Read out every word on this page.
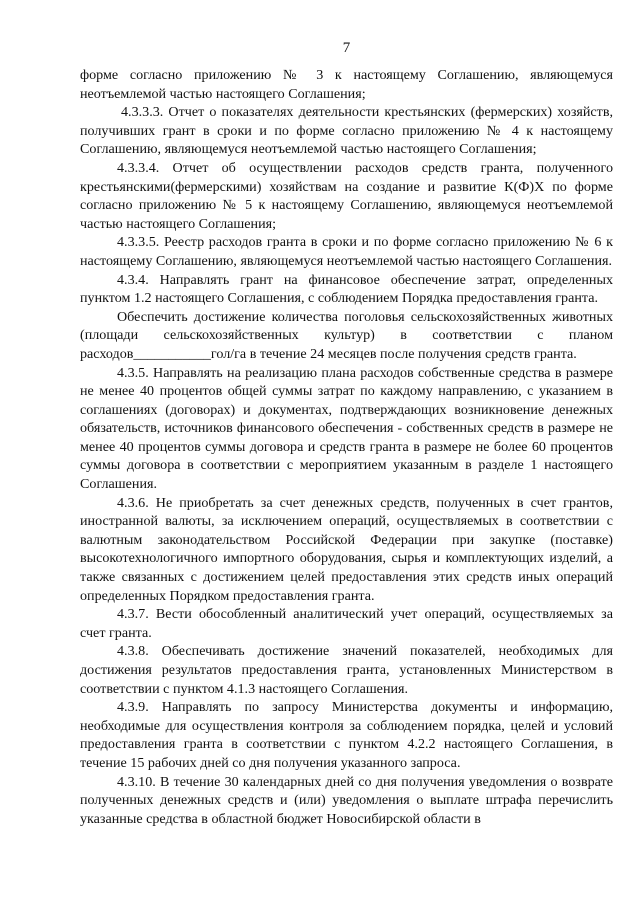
7

форме согласно приложению № 3 к настоящему Соглашению, являющемуся неотъемлемой частью настоящего Соглашения;

4.3.3.3. Отчет о показателях деятельности крестьянских (фермерских) хозяйств, получивших грант в сроки и по форме согласно приложению № 4 к настоящему Соглашению, являющемуся неотъемлемой частью настоящего Соглашения;

4.3.3.4. Отчет об осуществлении расходов средств гранта, полученного крестьянскими(фермерскими) хозяйствам на создание и развитие К(Ф)Х по форме согласно приложению № 5 к настоящему Соглашению, являющемуся неотъемлемой частью настоящего Соглашения;

4.3.3.5. Реестр расходов гранта в сроки и по форме согласно приложению № 6 к настоящему Соглашению, являющемуся неотъемлемой частью настоящего Соглашения.

4.3.4. Направлять грант на финансовое обеспечение затрат, определенных пунктом 1.2 настоящего Соглашения, с соблюдением Порядка предоставления гранта.

Обеспечить достижение количества поголовья сельскохозяйственных животных (площади сельскохозяйственных культур) в соответствии с планом расходов___________гол/га в течение 24 месяцев после получения средств гранта.

4.3.5. Направлять на реализацию плана расходов собственные средства в размере не менее 40 процентов общей суммы затрат по каждому направлению, с указанием в соглашениях (договорах) и документах, подтверждающих возникновение денежных обязательств, источников финансового обеспечения - собственных средств в размере не менее 40 процентов суммы договора и средств гранта в размере не более 60 процентов суммы договора в соответствии с мероприятием указанным в разделе 1 настоящего Соглашения.

4.3.6. Не приобретать за счет денежных средств, полученных в счет грантов, иностранной валюты, за исключением операций, осуществляемых в соответствии с валютным законодательством Российской Федерации при закупке (поставке) высокотехнологичного импортного оборудования, сырья и комплектующих изделий, а также связанных с достижением целей предоставления этих средств иных операций определенных Порядком предоставления гранта.

4.3.7. Вести обособленный аналитический учет операций, осуществляемых за счет гранта.

4.3.8. Обеспечивать достижение значений показателей, необходимых для достижения результатов предоставления гранта, установленных Министерством в соответствии с пунктом 4.1.3 настоящего Соглашения.

4.3.9. Направлять по запросу Министерства документы и информацию, необходимые для осуществления контроля за соблюдением порядка, целей и условий предоставления гранта в соответствии с пунктом 4.2.2 настоящего Соглашения, в течение 15 рабочих дней со дня получения указанного запроса.

4.3.10. В течение 30 календарных дней со дня получения уведомления о возврате полученных денежных средств и (или) уведомления о выплате штрафа перечислить указанные средства в областной бюджет Новосибирской области в
